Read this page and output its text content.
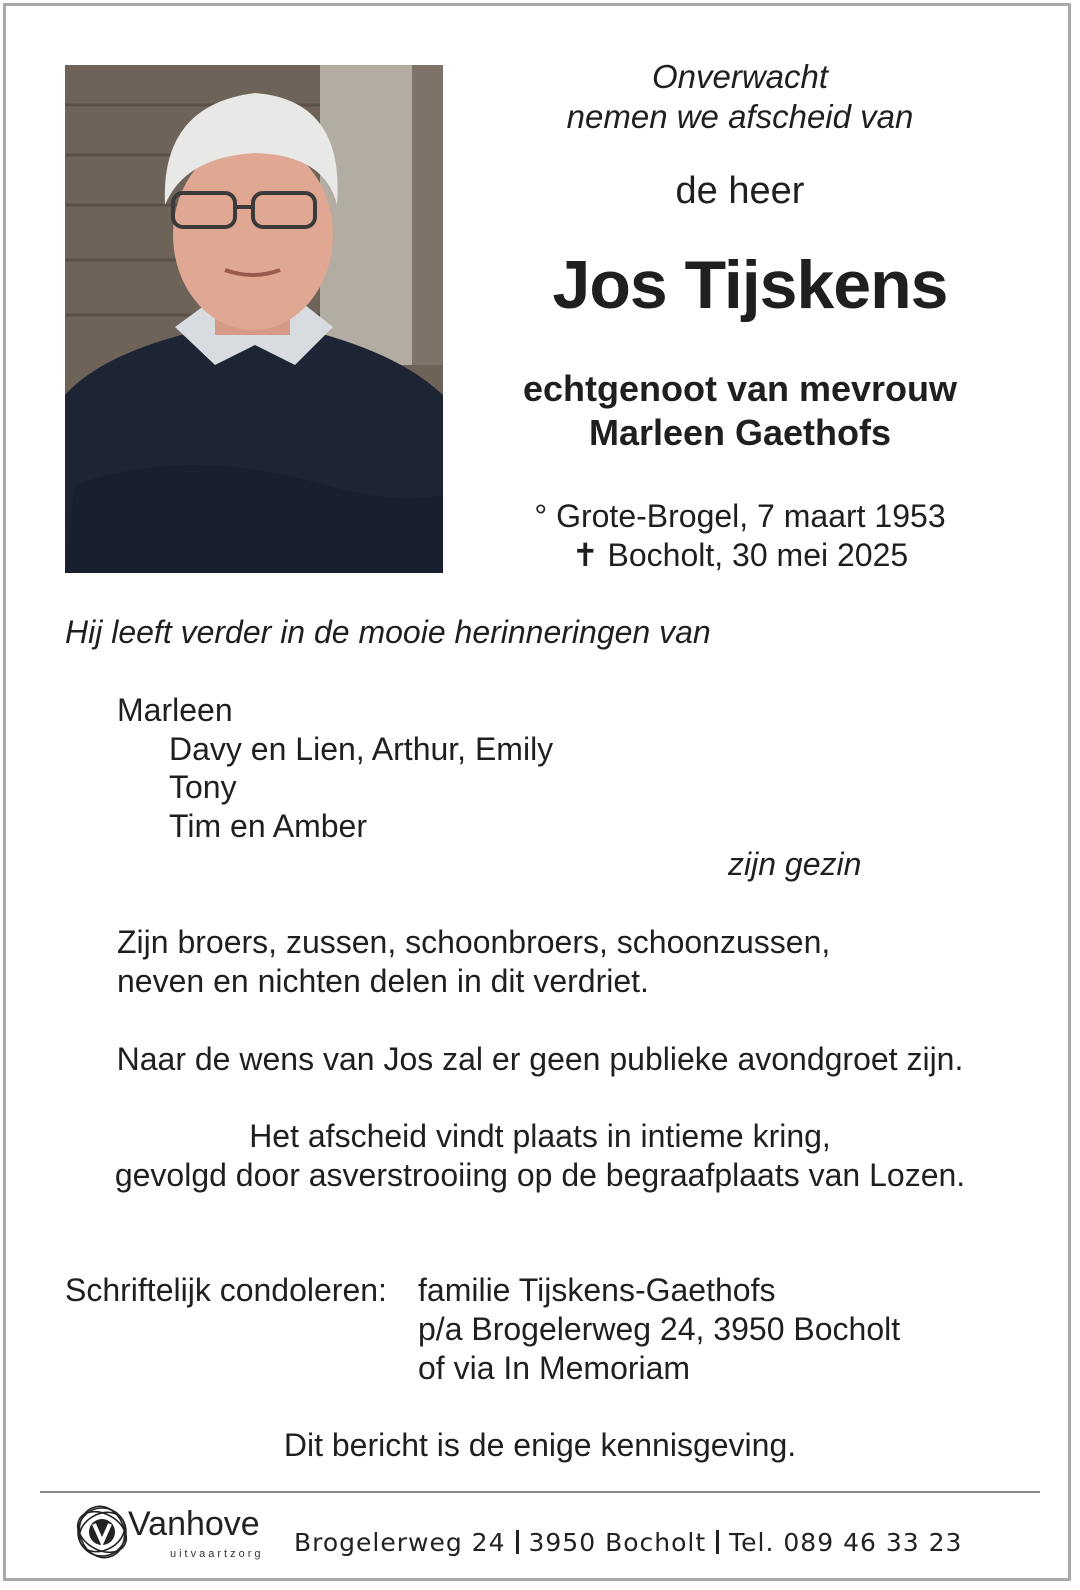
Onverwacht
nemen we afscheid van
de heer
Jos Tijskens
echtgenoot van mevrouw
Marleen Gaethofs
° Grote-Brogel, 7 maart 1953
✝ Bocholt, 30 mei 2025
Hij leeft verder in de mooie herinneringen van
Marleen
Davy en Lien, Arthur, Emily
Tony
Tim en Amber
zijn gezin
Zijn broers, zussen, schoonbroers, schoonzussen,
neven en nichten delen in dit verdriet.
Naar de wens van Jos zal er geen publieke avondgroet zijn.
Het afscheid vindt plaats in intieme kring,
gevolgd door asverstrooiing op de begraafplaats van Lozen.
Schriftelijk condoleren: familie Tijskens-Gaethofs
p/a Brogelerweg 24, 3950 Bocholt
of via In Memoriam
Dit bericht is de enige kennisgeving.
Vanhove
uitvaartzorg Brogelerweg 24 3950 Bocholt Tel. 089 46 33 23
